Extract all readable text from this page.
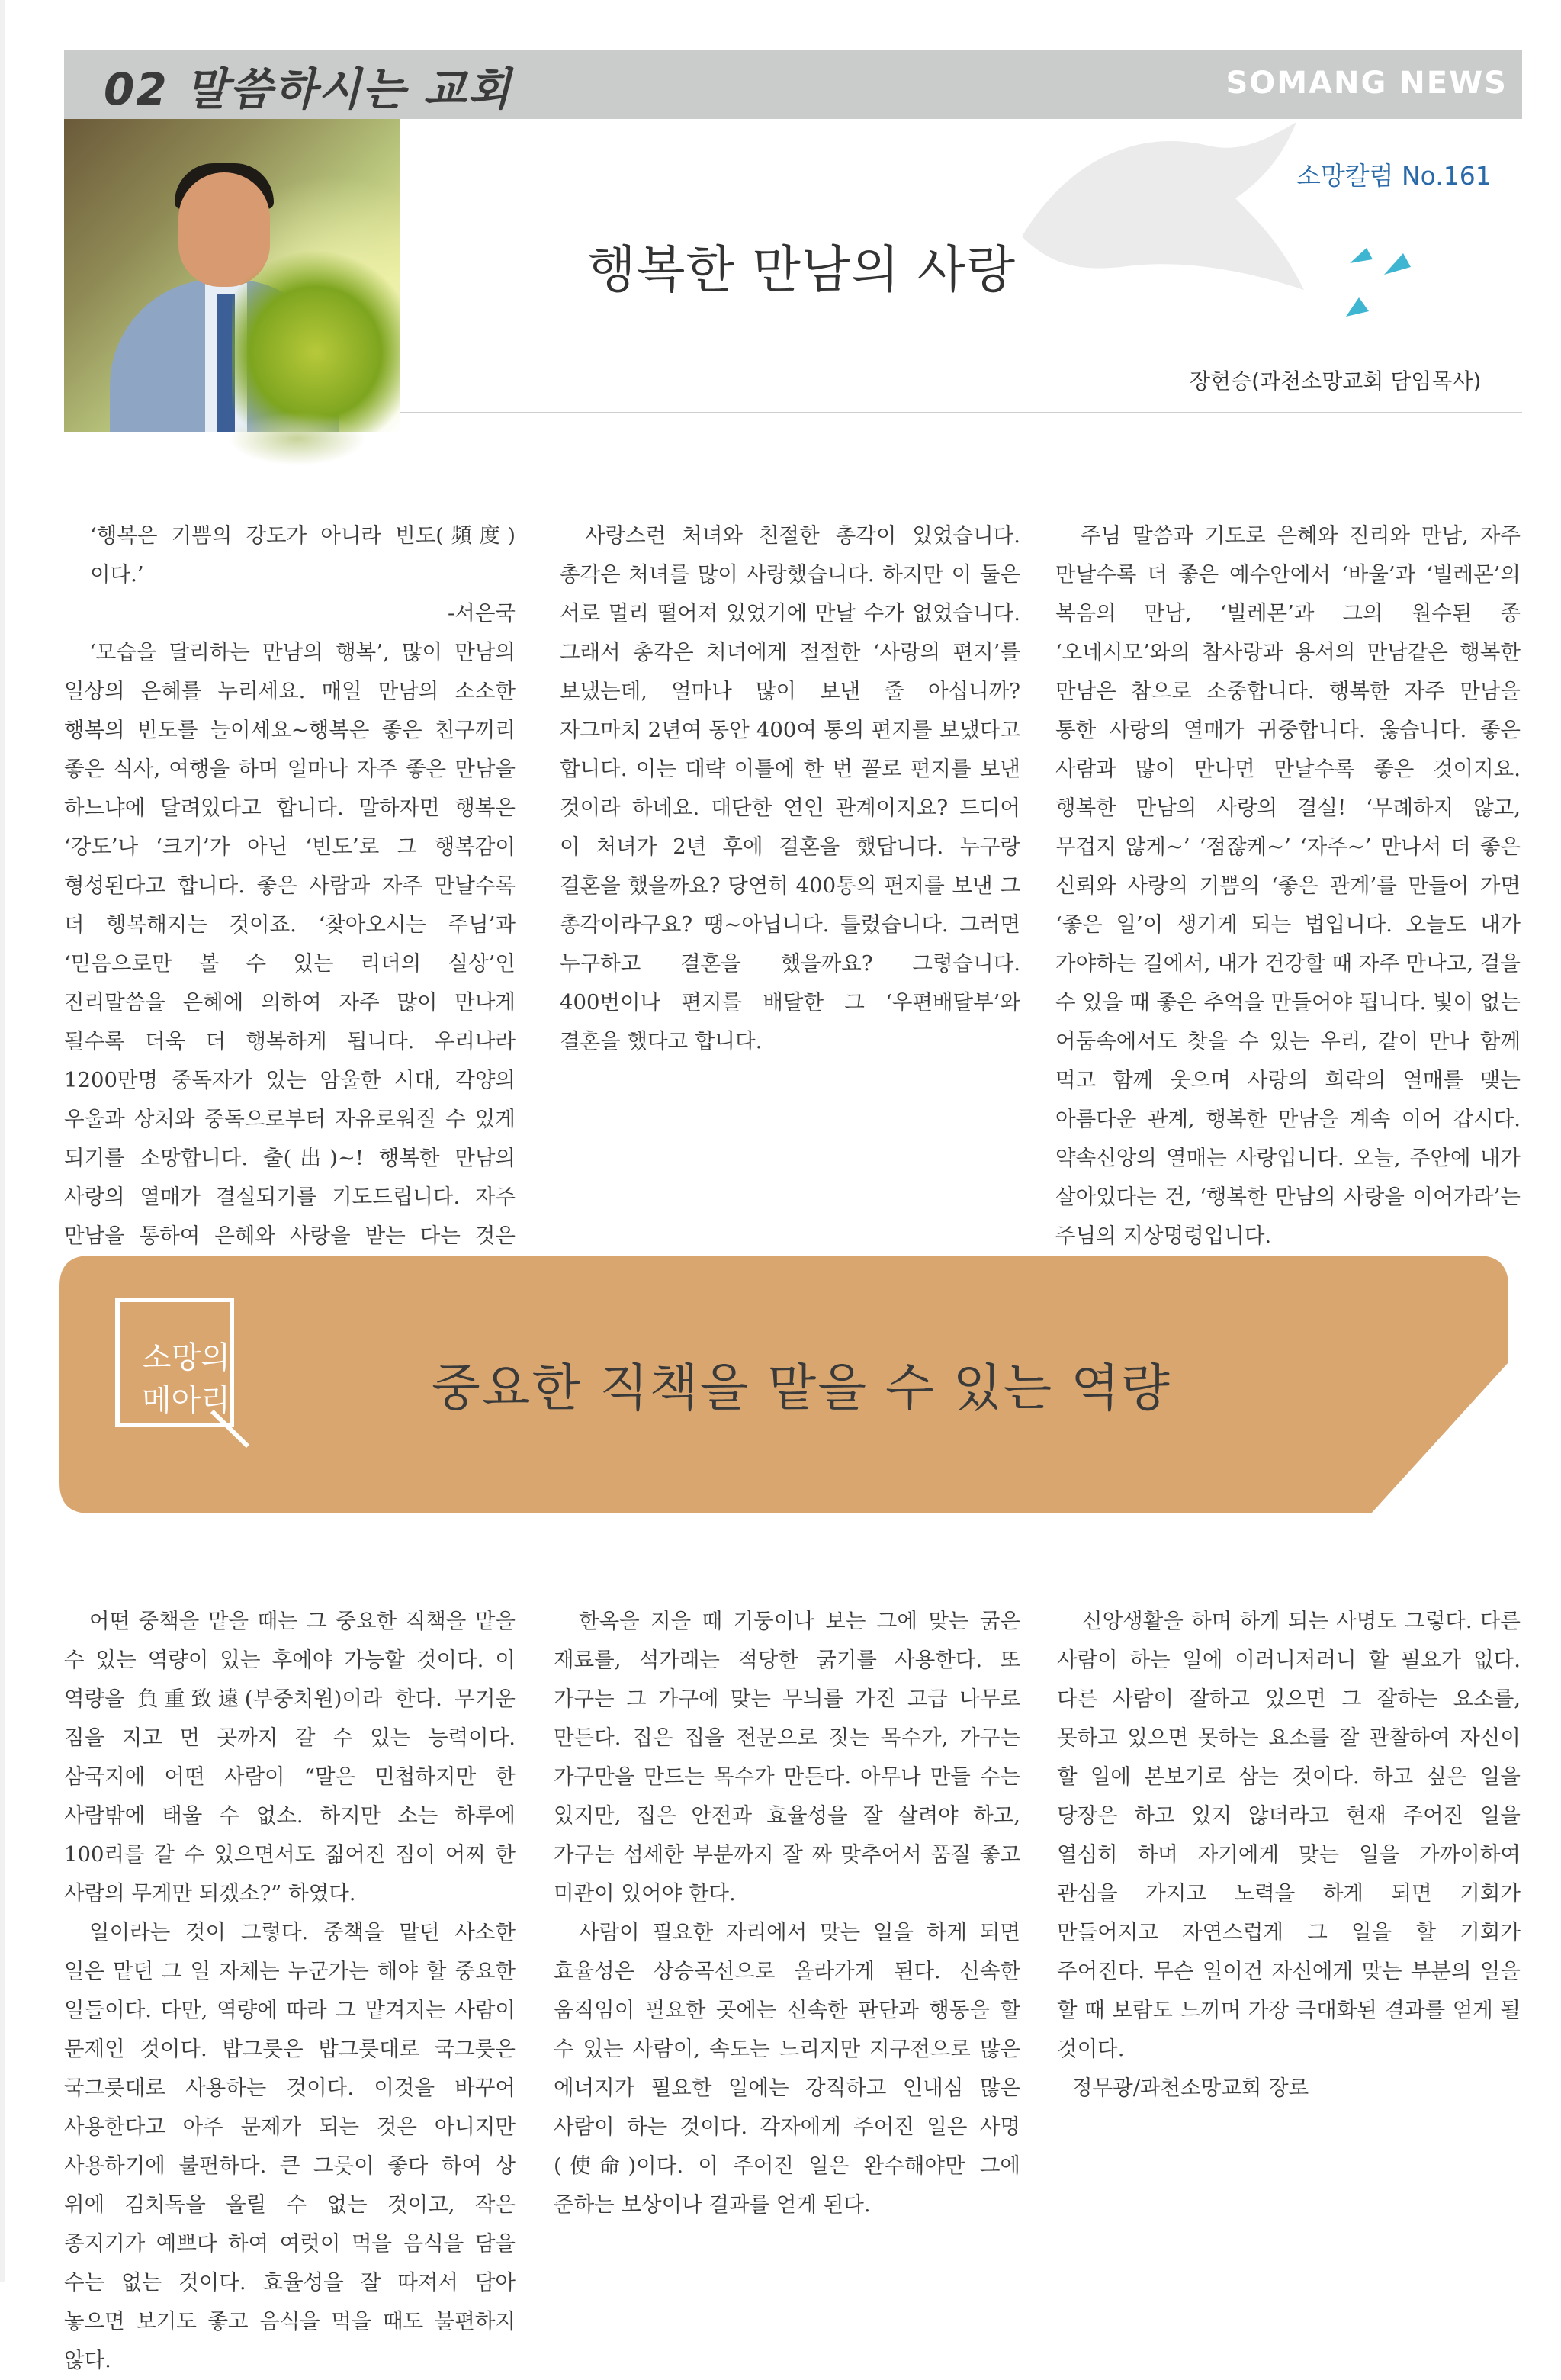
02 말씀하시는 교회	SOMANG NEWS
소망칼럼 No.161
행복한 만남의 사랑
장현승(과천소망교회 담임목사)

‘행복은 기쁨의 강도가 아니라 빈도(頻度)이다.’

-서은국

‘모습을 달리하는 만남의 행복’, 많이 만남의 일상의 은혜를 누리세요. 매일 만남의 소소한 행복의 빈도를 늘이세요~행복은 좋은 친구끼리 좋은 식사, 여행을 하며 얼마나 자주 좋은 만남을 하느냐에 달려있다고 합니다. 말하자면 행복은 ‘강도’나 ‘크기’가 아닌 ‘빈도’로 그 행복감이 형성된다고 합니다. 좋은 사람과 자주 만날수록 더 행복해지는 것이죠. ‘찾아오시는 주님’과 ‘믿음으로만 볼 수 있는 리더의 실상’인 진리말씀을 은혜에 의하여 자주 많이 만나게 될수록 더욱 더 행복하게 됩니다. 우리나라 1200만명 중독자가 있는 암울한 시대, 각양의 우울과 상처와 중독으로부터 자유로워질 수 있게 되기를 소망합니다. 출(出)~! 행복한 만남의 사랑의 열매가 결실되기를 기도드립니다. 자주 만남을 통하여 은혜와 사랑을 받는 다는 것은

사랑스런 처녀와 친절한 총각이 있었습니다. 총각은 처녀를 많이 사랑했습니다. 하지만 이 둘은 서로 멀리 떨어져 있었기에 만날 수가 없었습니다. 그래서 총각은 처녀에게 절절한 ‘사랑의 편지’를 보냈는데, 얼마나 많이 보낸 줄 아십니까? 자그마치 2년여 동안 400여 통의 편지를 보냈다고 합니다. 이는 대략 이틀에 한 번 꼴로 편지를 보낸 것이라 하네요. 대단한 연인 관계이지요? 드디어 이 처녀가 2년 후에 결혼을 했답니다. 누구랑 결혼을 했을까요? 당연히 400통의 편지를 보낸 그 총각이라구요? 땡~아닙니다. 틀렸습니다. 그러면 누구하고 결혼을 했을까요? 그렇습니다. 400번이나 편지를 배달한 그 ‘우편배달부’와 결혼을 했다고 합니다.

주님 말씀과 기도로 은혜와 진리와 만남, 자주 만날수록 더 좋은 예수안에서 ‘바울’과 ‘빌레몬’의 복음의 만남, ‘빌레몬’과 그의 원수된 종 ‘오네시모’와의 참사랑과 용서의 만남같은 행복한 만남은 참으로 소중합니다. 행복한 자주 만남을 통한 사랑의 열매가 귀중합니다. 옳습니다. 좋은 사람과 많이 만나면 만날수록 좋은 것이지요. 행복한 만남의 사랑의 결실! ‘무례하지 않고, 무겁지 않게~’ ‘점잖케~’ ‘자주~’ 만나서 더 좋은 신뢰와 사랑의 기쁨의 ‘좋은 관계’를 만들어 가면 ‘좋은 일’이 생기게 되는 법입니다. 오늘도 내가 가야하는 길에서, 내가 건강할 때 자주 만나고, 걸을 수 있을 때 좋은 추억을 만들어야 됩니다. 빛이 없는 어둠속에서도 찾을 수 있는 우리, 같이 만나 함께 먹고 함께 웃으며 사랑의 희락의 열매를 맺는 아름다운 관계, 행복한 만남을 계속 이어 갑시다. 약속신앙의 열매는 사랑입니다. 오늘, 주안에 내가 살아있다는 건, ‘행복한 만남의 사랑을 이어가라’는 주님의 지상명령입니다.

소망의
메아리	중요한 직책을 맡을 수 있는 역량

어떤 중책을 맡을 때는 그 중요한 직책을 맡을 수 있는 역량이 있는 후에야 가능할 것이다. 이 역량을 負重致遠(부중치원)이라 한다. 무거운 짐을 지고 먼 곳까지 갈 수 있는 능력이다. 삼국지에 어떤 사람이 “말은 민첩하지만 한 사람밖에 태울 수 없소. 하지만 소는 하루에 100리를 갈 수 있으면서도 짊어진 짐이 어찌 한 사람의 무게만 되겠소?” 하였다.

일이라는 것이 그렇다. 중책을 맡던 사소한 일은 맡던 그 일 자체는 누군가는 해야 할 중요한 일들이다. 다만, 역량에 따라 그 맡겨지는 사람이 문제인 것이다. 밥그릇은 밥그릇대로 국그릇은 국그릇대로 사용하는 것이다. 이것을 바꾸어 사용한다고 아주 문제가 되는 것은 아니지만 사용하기에 불편하다. 큰 그릇이 좋다 하여 상 위에 김치독을 올릴 수 없는 것이고, 작은 종지기가 예쁘다 하여 여럿이 먹을 음식을 담을 수는 없는 것이다. 효율성을 잘 따져서 담아 놓으면 보기도 좋고 음식을 먹을 때도 불편하지 않다.

한옥을 지을 때 기둥이나 보는 그에 맞는 굵은 재료를, 석가래는 적당한 굵기를 사용한다. 또 가구는 그 가구에 맞는 무늬를 가진 고급 나무로 만든다. 집은 집을 전문으로 짓는 목수가, 가구는 가구만을 만드는 목수가 만든다. 아무나 만들 수는 있지만, 집은 안전과 효율성을 잘 살려야 하고, 가구는 섬세한 부분까지 잘 짜 맞추어서 품질 좋고 미관이 있어야 한다.

사람이 필요한 자리에서 맞는 일을 하게 되면 효율성은 상승곡선으로 올라가게 된다. 신속한 움직임이 필요한 곳에는 신속한 판단과 행동을 할 수 있는 사람이, 속도는 느리지만 지구전으로 많은 에너지가 필요한 일에는 강직하고 인내심 많은 사람이 하는 것이다. 각자에게 주어진 일은 사명(使命)이다. 이 주어진 일은 완수해야만 그에 준하는 보상이나 결과를 얻게 된다.

신앙생활을 하며 하게 되는 사명도 그렇다. 다른 사람이 하는 일에 이러니저러니 할 필요가 없다. 다른 사람이 잘하고 있으면 그 잘하는 요소를, 못하고 있으면 못하는 요소를 잘 관찰하여 자신이 할 일에 본보기로 삼는 것이다. 하고 싶은 일을 당장은 하고 있지 않더라고 현재 주어진 일을 열심히 하며 자기에게 맞는 일을 가까이하여 관심을 가지고 노력을 하게 되면 기회가 만들어지고 자연스럽게 그 일을 할 기회가 주어진다. 무슨 일이건 자신에게 맞는 부분의 일을 할 때 보람도 느끼며 가장 극대화된 결과를 얻게 될 것이다.

정무광/과천소망교회 장로
